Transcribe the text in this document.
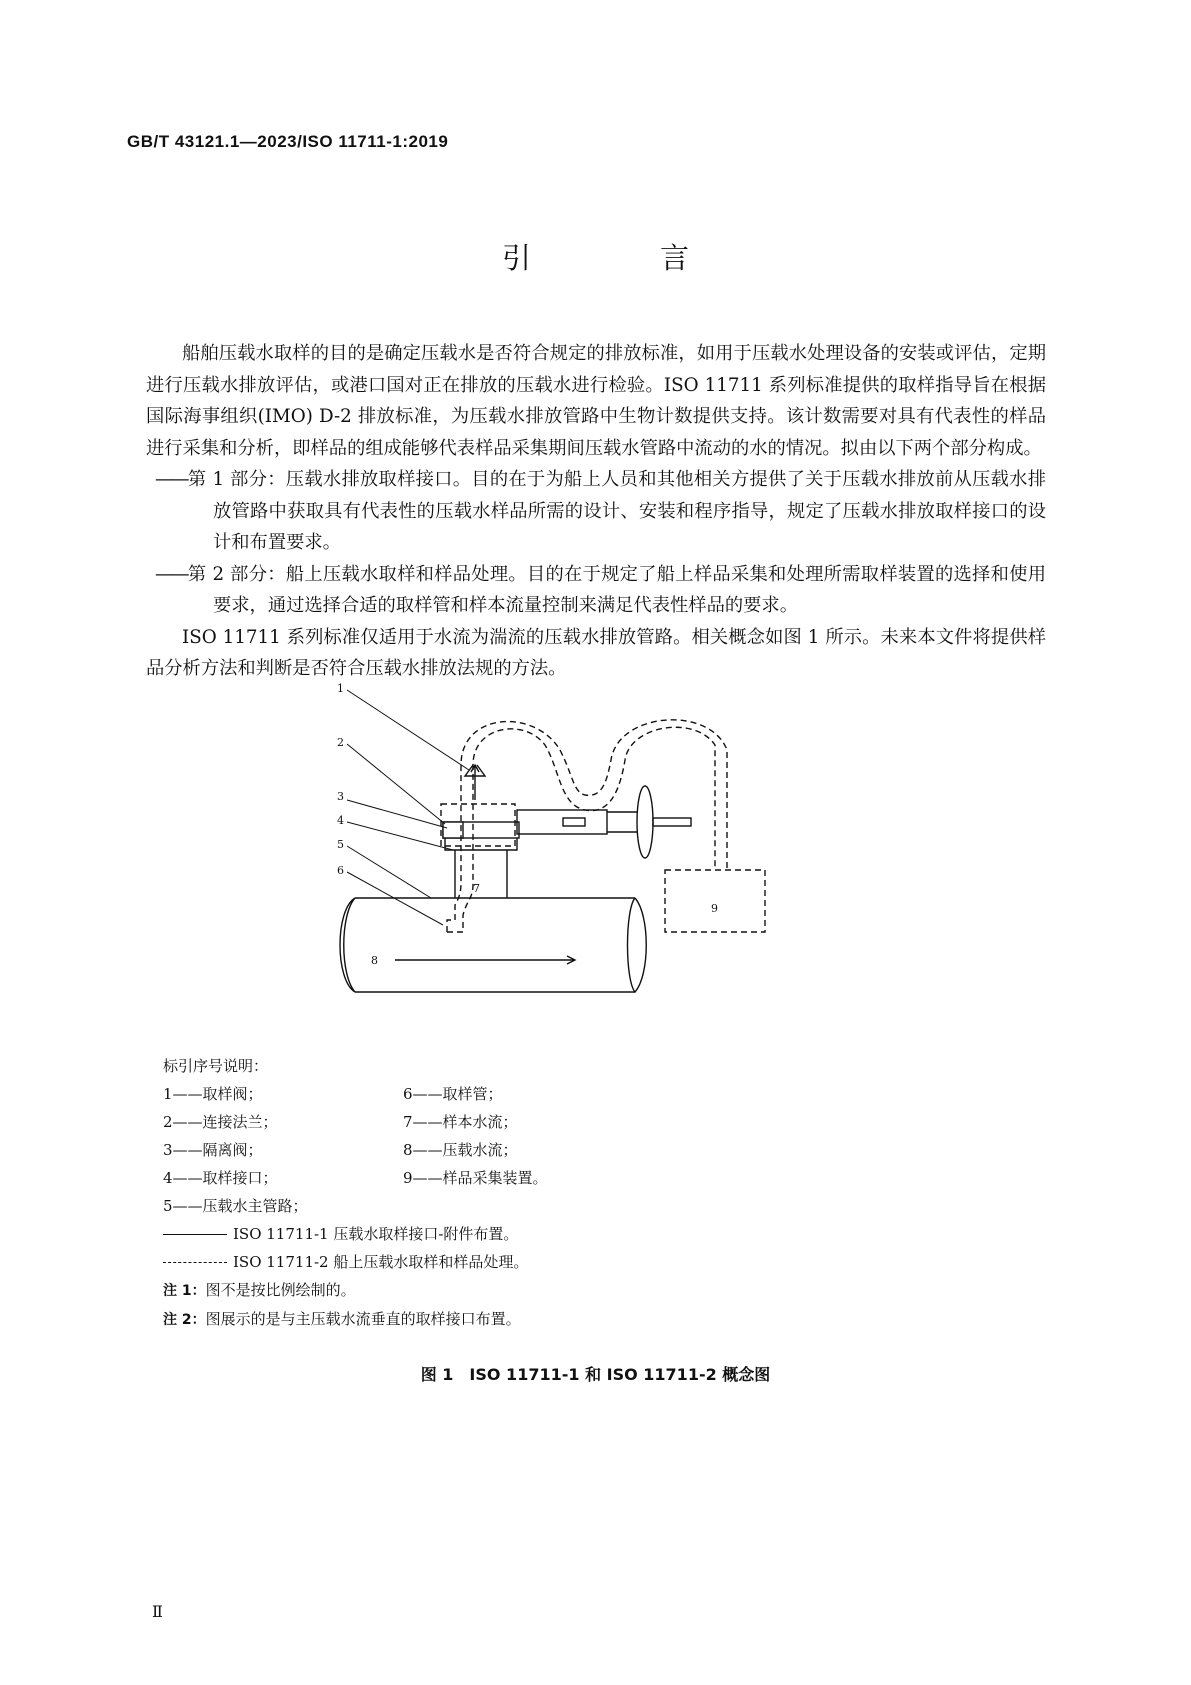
GB/T 43121.1—2023/ISO 11711-1:2019
引　言

船舶压载水取样的目的是确定压载水是否符合规定的排放标准，如用于压载水处理设备的安装或评估，定期进行压载水排放评估，或港口国对正在排放的压载水进行检验。ISO 11711 系列标准提供的取样指导旨在根据国际海事组织(IMO) D-2 排放标准，为压载水排放管路中生物计数提供支持。该计数需要对具有代表性的样品进行采集和分析，即样品的组成能够代表样品采集期间压载水管路中流动的水的情况。拟由以下两个部分构成。

——第 1 部分：压载水排放取样接口。目的在于为船上人员和其他相关方提供了关于压载水排放前从压载水排放管路中获取具有代表性的压载水样品所需的设计、安装和程序指导，规定了压载水排放取样接口的设计和布置要求。

——第 2 部分：船上压载水取样和样品处理。目的在于规定了船上样品采集和处理所需取样装置的选择和使用要求，通过选择合适的取样管和样本流量控制来满足代表性样品的要求。

ISO 11711 系列标准仅适用于水流为湍流的压载水排放管路。相关概念如图 1 所示。未来本文件将提供样品分析方法和判断是否符合压载水排放法规的方法。

1
2
3
4
5
6
7
8
9
标引序号说明：
1——取样阀；	6——取样管；
2——连接法兰；	7——样本水流；
3——隔离阀；	8——压载水流；
4——取样接口；	9——样品采集装置。
5——压载水主管路；
ISO 11711-1 压载水取样接口-附件布置。
ISO 11711-2 船上压载水取样和样品处理。
注 1：图不是按比例绘制的。
注 2：图展示的是与主压载水流垂直的取样接口布置。
图 1　ISO 11711-1 和 ISO 11711-2 概念图
Ⅱ
